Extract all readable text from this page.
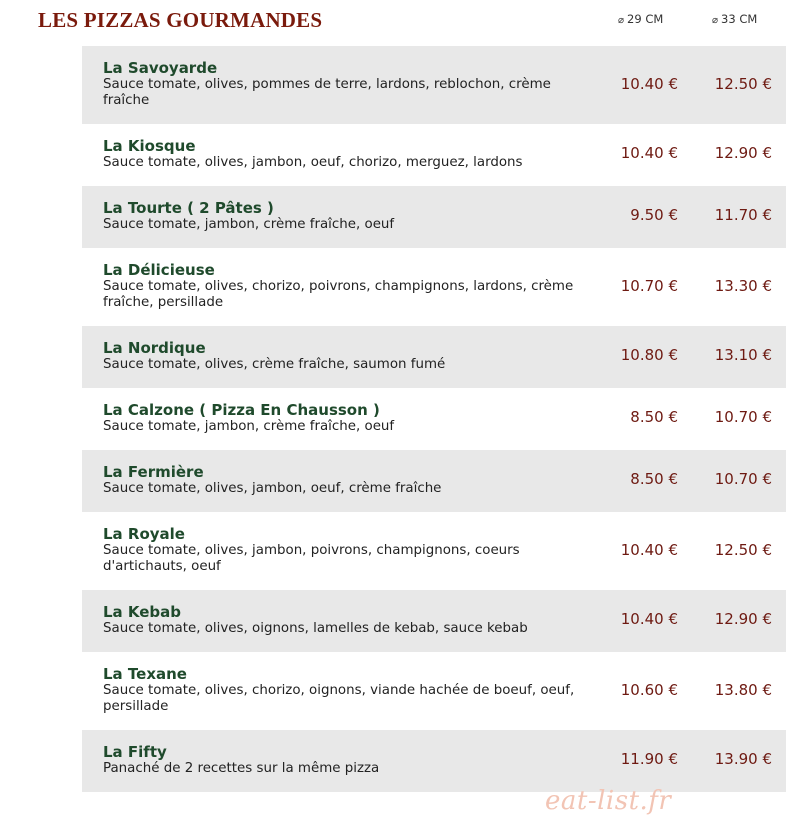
LES PIZZAS GOURMANDES	⌀ 29 CM	⌀ 33 CM
La Savoyarde
Sauce tomate, olives, pommes de terre, lardons, reblochon, crème fraîche
10.40 € 12.50 €
La Kiosque
Sauce tomate, olives, jambon, oeuf, chorizo, merguez, lardons
10.40 € 12.90 €
La Tourte ( 2 Pâtes )
Sauce tomate, jambon, crème fraîche, oeuf
9.50 € 11.70 €
La Délicieuse
Sauce tomate, olives, chorizo, poivrons, champignons, lardons, crème fraîche, persillade
10.70 € 13.30 €
La Nordique
Sauce tomate, olives, crème fraîche, saumon fumé
10.80 € 13.10 €
La Calzone ( Pizza En Chausson )
Sauce tomate, jambon, crème fraîche, oeuf
8.50 € 10.70 €
La Fermière
Sauce tomate, olives, jambon, oeuf, crème fraîche
8.50 € 10.70 €
La Royale
Sauce tomate, olives, jambon, poivrons, champignons, coeurs d'artichauts, oeuf
10.40 € 12.50 €
La Kebab
Sauce tomate, olives, oignons, lamelles de kebab, sauce kebab
10.40 € 12.90 €
La Texane
Sauce tomate, olives, chorizo, oignons, viande hachée de boeuf, oeuf, persillade
10.60 € 13.80 €
La Fifty
Panaché de 2 recettes sur la même pizza
11.90 € 13.90 €
eat-list.fr
